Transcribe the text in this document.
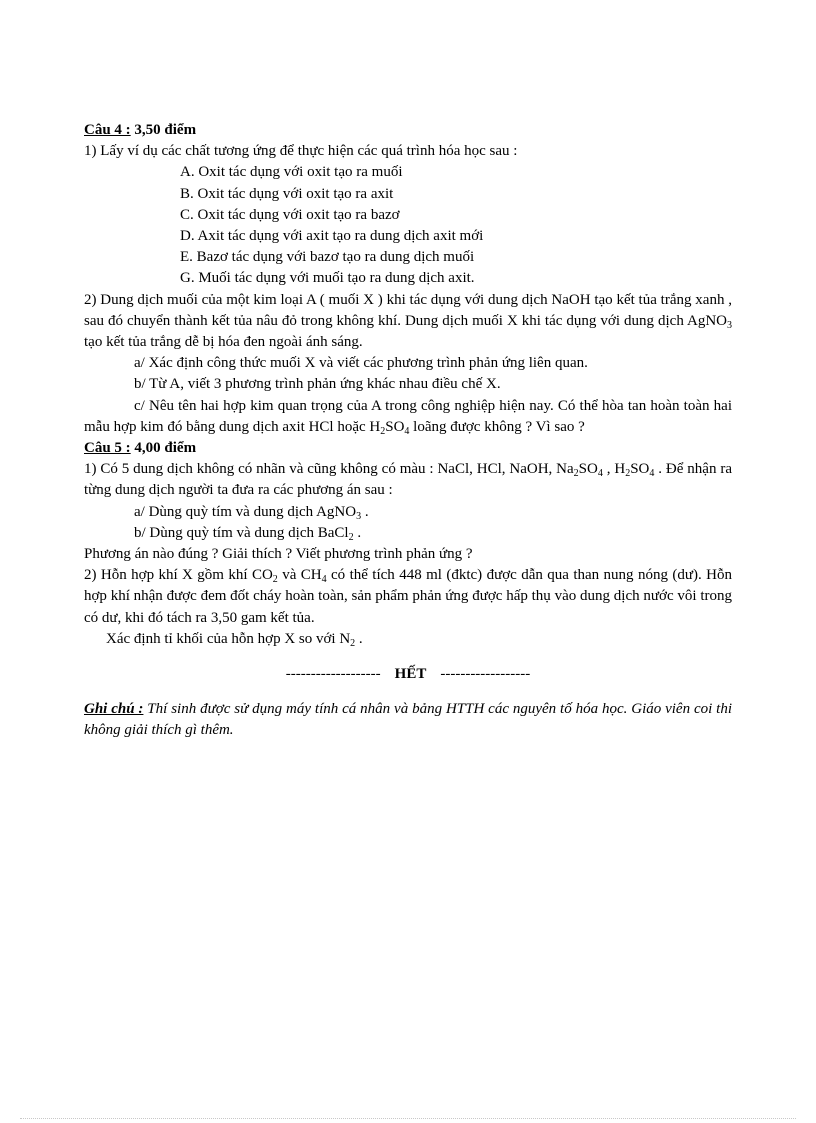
Câu 4 : 3,50 điểm
1) Lấy ví dụ các chất tương ứng để thực hiện các quá trình hóa học sau :
A. Oxit tác dụng với oxit tạo ra muối
B. Oxit tác dụng với oxit tạo ra axit
C. Oxit tác dụng với oxit tạo ra bazơ
D. Axit tác dụng với axit tạo ra dung dịch axit mới
E. Bazơ tác dụng với bazơ tạo ra dung dịch muối
G. Muối tác dụng với muối tạo ra dung dịch axit.
2) Dung dịch muối của một kim loại A ( muối X ) khi tác dụng với dung dịch NaOH tạo kết tủa trắng xanh , sau đó chuyển thành kết tủa nâu đỏ trong không khí. Dung dịch muối X khi tác dụng với dung dịch AgNO$_3$ tạo kết tủa trắng dễ bị hóa đen ngoài ánh sáng.
a/ Xác định công thức muối X và viết các phương trình phản ứng liên quan.
b/ Từ A, viết 3 phương trình phản ứng khác nhau điều chế X.
c/ Nêu tên hai hợp kim quan trọng của A trong công nghiệp hiện nay. Có thể hòa tan hoàn toàn hai mẫu hợp kim đó bằng dung dịch axit HCl hoặc $H_2SO_4$ loãng được không ? Vì sao ?
Câu 5 : 4,00 điểm
1) Có 5 dung dịch không có nhãn và cũng không có màu : NaCl, HCl, NaOH, $Na_2SO_4$ , $H_2SO_4$ . Để nhận ra từng dung dịch người ta đưa ra các phương án sau :
a/ Dùng quỳ tím và dung dịch AgNO$_3$ .
b/ Dùng quỳ tím và dung dịch BaCl$_2$ .
Phương án nào đúng ? Giải thích ? Viết phương trình phản ứng ?
2) Hỗn hợp khí X gồm khí $CO_2$ và $CH_4$ có thể tích 448 ml (đktc) được dẫn qua than nung nóng (dư). Hỗn hợp khí nhận được đem đốt cháy hoàn toàn, sản phẩm phản ứng được hấp thụ vào dung dịch nước vôi trong có dư, khi đó tách ra 3,50 gam kết tủa.
Xác định tỉ khối của hỗn hợp X so với $N_2$ .
------------------- HẾT ------------------
Ghi chú : Thí sinh được sử dụng máy tính cá nhân và bảng HTTH các nguyên tố hóa học. Giáo viên coi thi không giải thích gì thêm.
